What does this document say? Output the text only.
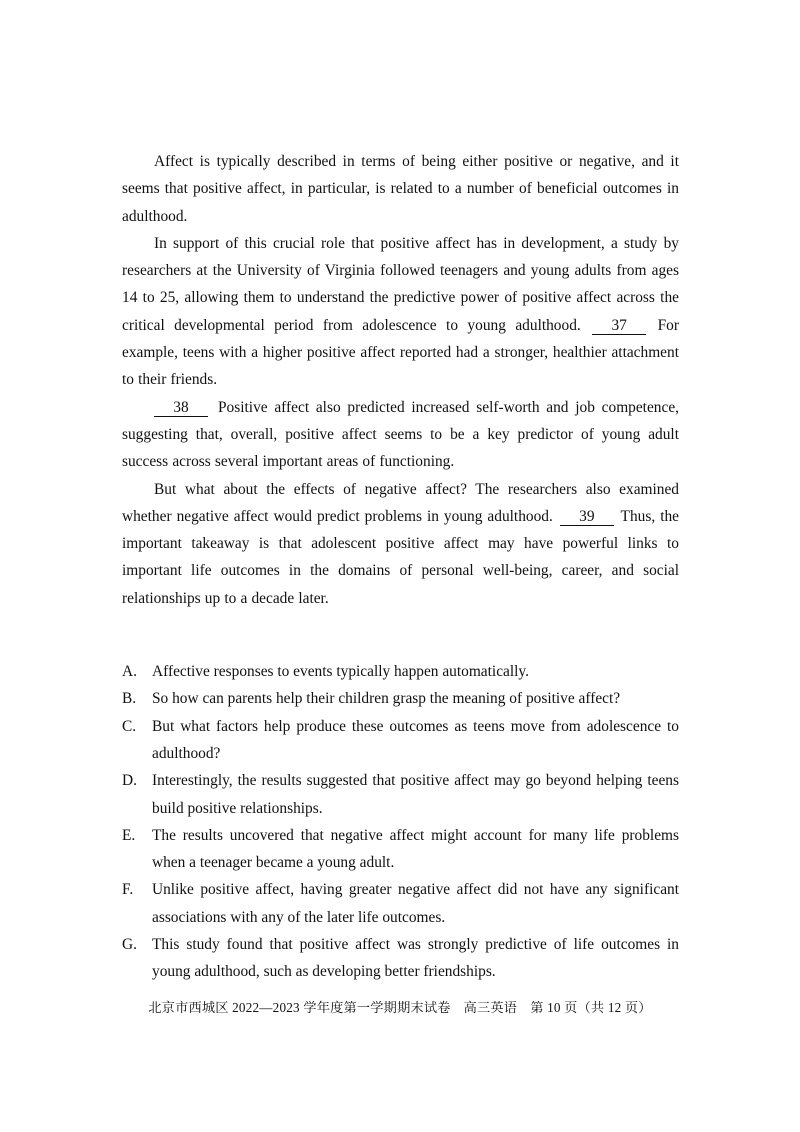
Affect is typically described in terms of being either positive or negative, and it seems that positive affect, in particular, is related to a number of beneficial outcomes in adulthood.

In support of this crucial role that positive affect has in development, a study by researchers at the University of Virginia followed teenagers and young adults from ages 14 to 25, allowing them to understand the predictive power of positive affect across the critical developmental period from adolescence to young adulthood. 37 For example, teens with a higher positive affect reported had a stronger, healthier attachment to their friends.

38 Positive affect also predicted increased self-worth and job competence, suggesting that, overall, positive affect seems to be a key predictor of young adult success across several important areas of functioning.

But what about the effects of negative affect? The researchers also examined whether negative affect would predict problems in young adulthood. 39 Thus, the important takeaway is that adolescent positive affect may have powerful links to important life outcomes in the domains of personal well-being, career, and social relationships up to a decade later.

A. Affective responses to events typically happen automatically.
B.	So how can parents help their children grasp the meaning of positive affect?
C.	But what factors help produce these outcomes as teens move from adolescence to adulthood?
D. Interestingly, the results suggested that positive affect may go beyond helping teens build positive relationships.
E.	The results uncovered that negative affect might account for many life problems when a teenager became a young adult.
F.	Unlike positive affect, having greater negative affect did not have any significant associations with any of the later life outcomes.
G. This study found that positive affect was strongly predictive of life outcomes in young adulthood, such as developing better friendships.
北京市西城区 2022—2023 学年度第一学期期末试卷 高三英语 第 10 页（共 12 页）
